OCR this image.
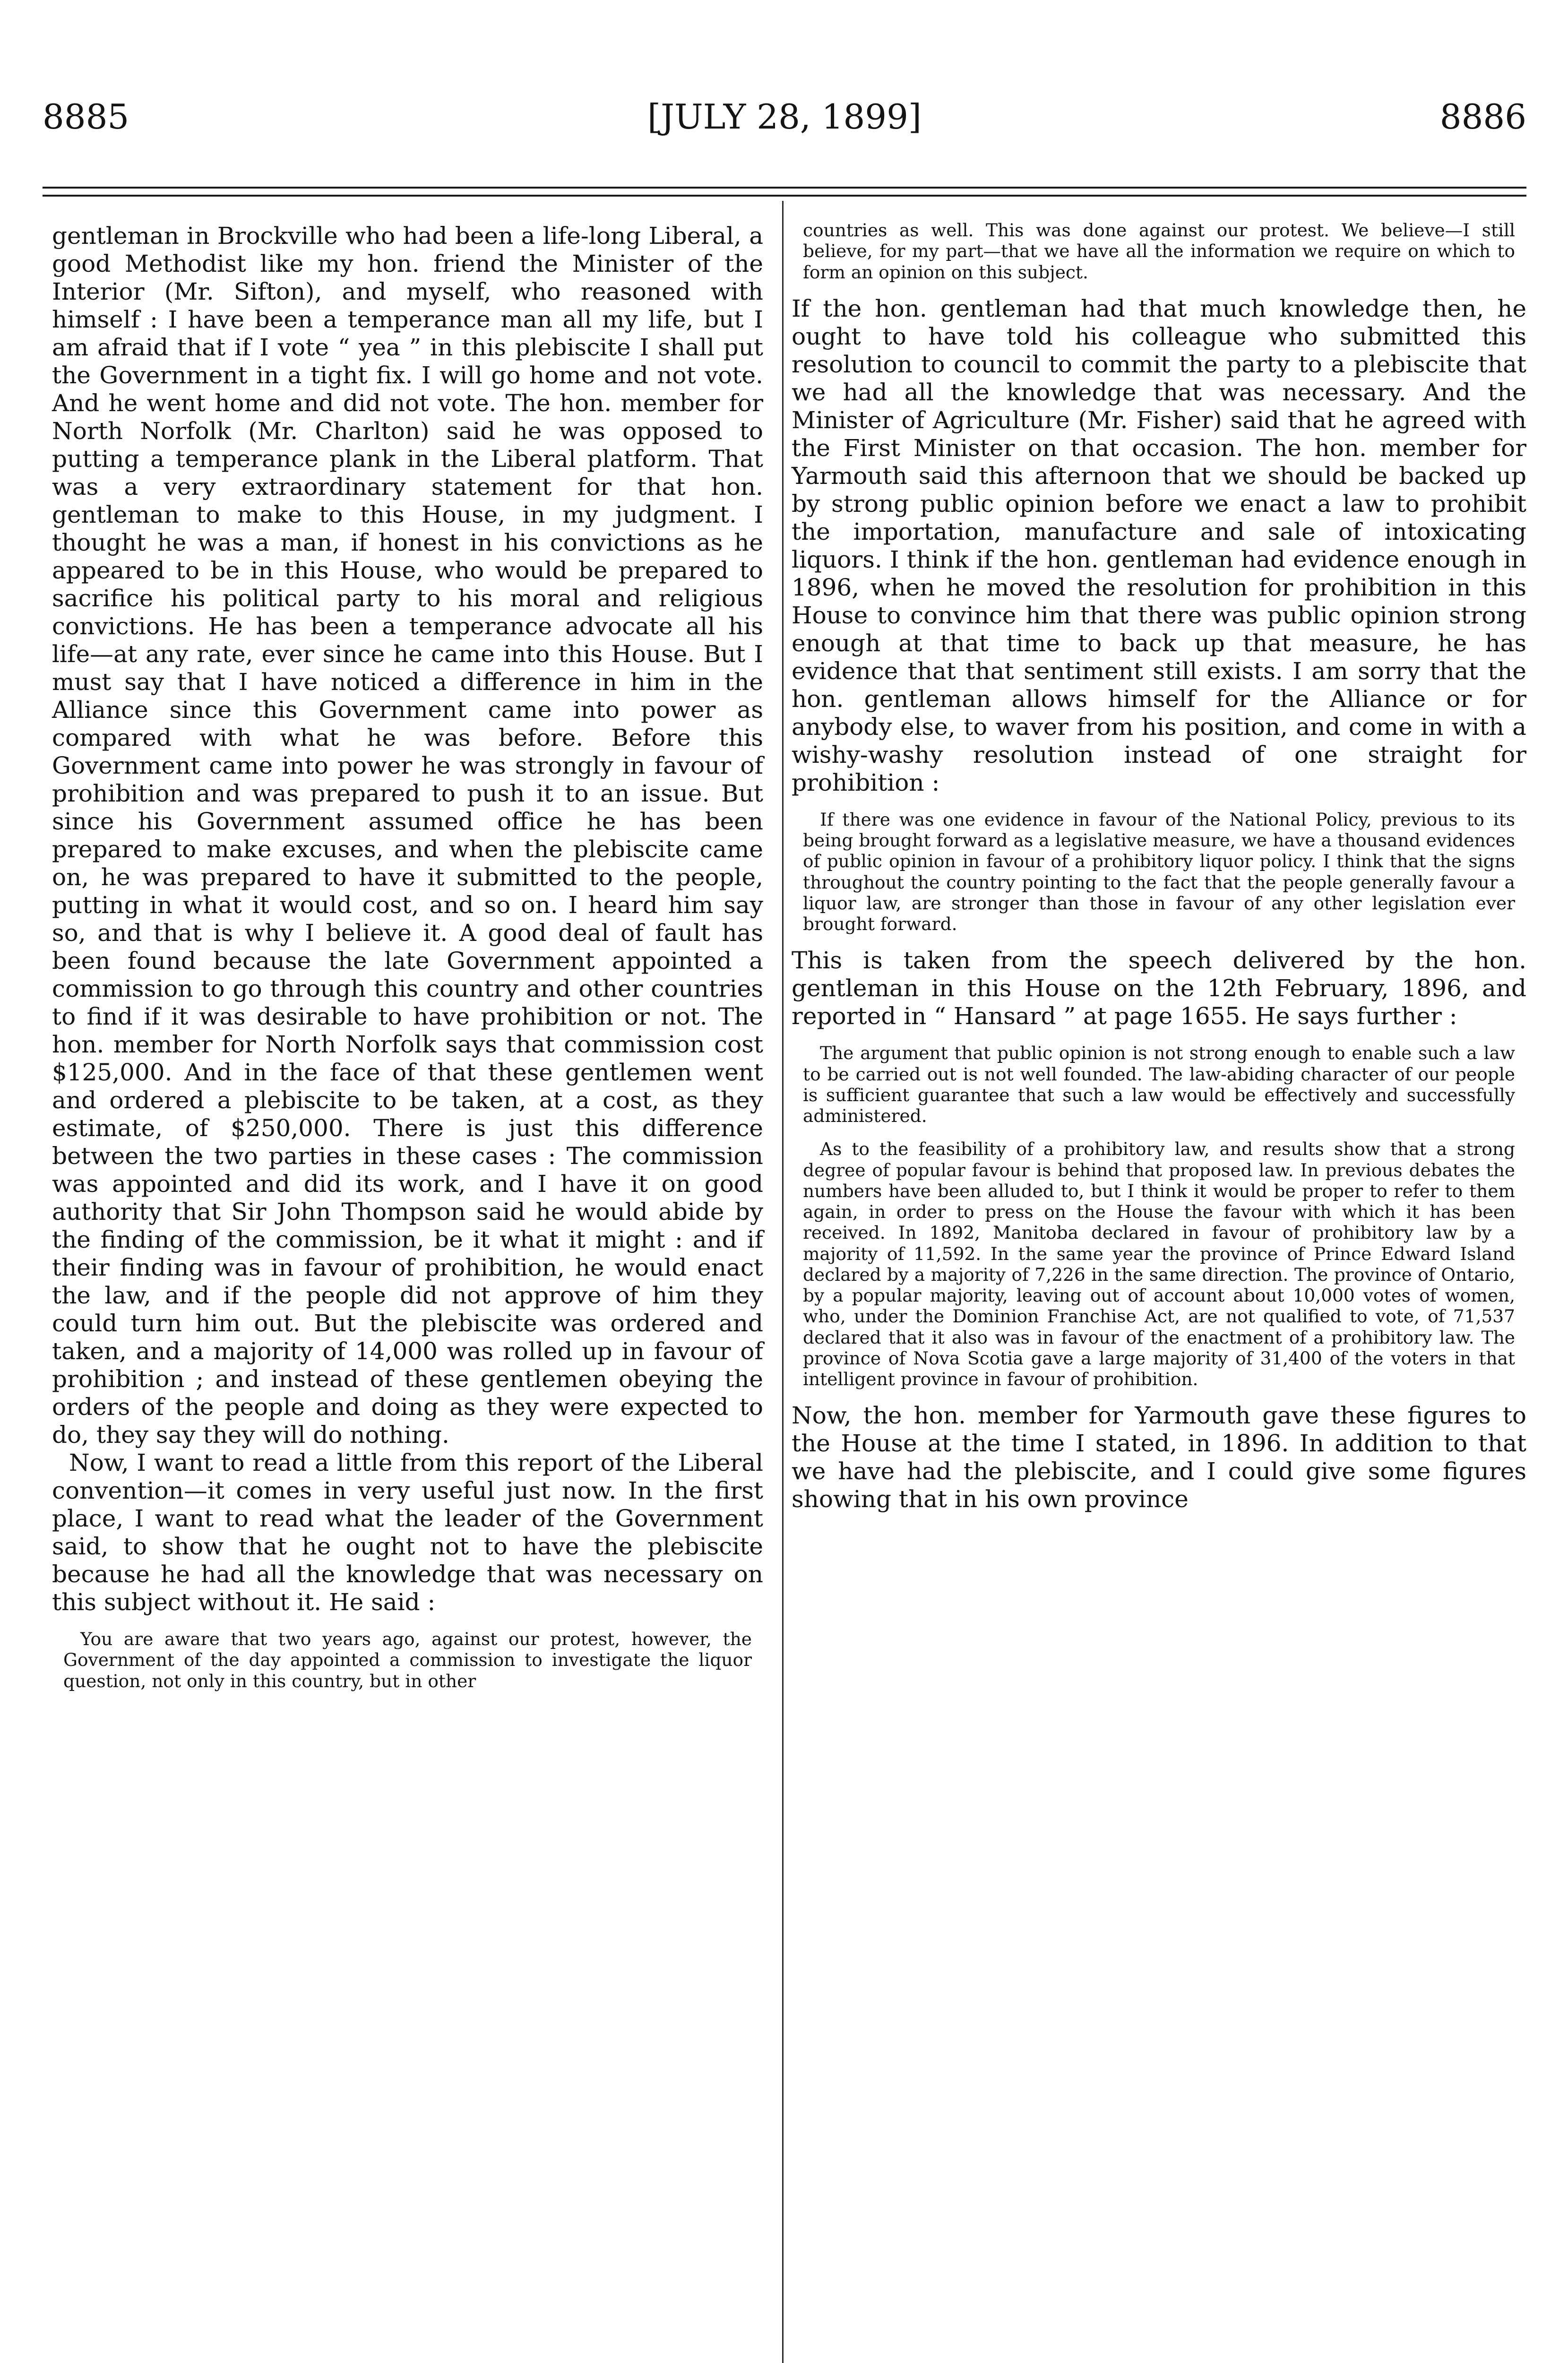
8885	[JULY 28, 1899]	8886

gentleman in Brockville who had been a life-long Liberal, a good Methodist like my hon. friend the Minister of the Interior (Mr. Sifton), and myself, who reasoned with himself : I have been a temperance man all my life, but I am afraid that if I vote “ yea ” in this plebiscite I shall put the Government in a tight fix. I will go home and not vote. And he went home and did not vote. The hon. member for North Norfolk (Mr. Charlton) said he was opposed to putting a temperance plank in the Liberal platform. That was a very extraordinary statement for that hon. gentleman to make to this House, in my judgment. I thought he was a man, if honest in his convictions as he appeared to be in this House, who would be prepared to sacrifice his political party to his moral and religious convictions. He has been a temperance advocate all his life—at any rate, ever since he came into this House. But I must say that I have noticed a difference in him in the Alliance since this Government came into power as compared with what he was before. Before this Government came into power he was strongly in favour of prohibition and was prepared to push it to an issue. But since his Government assumed office he has been prepared to make excuses, and when the plebiscite came on, he was prepared to have it submitted to the people, putting in what it would cost, and so on. I heard him say so, and that is why I believe it. A good deal of fault has been found because the late Government appointed a commission to go through this country and other countries to find if it was desirable to have prohibition or not. The hon. member for North Norfolk says that commission cost $125,000. And in the face of that these gentlemen went and ordered a plebiscite to be taken, at a cost, as they estimate, of $250,000. There is just this difference between the two parties in these cases : The commission was appointed and did its work, and I have it on good authority that Sir John Thompson said he would abide by the finding of the commission, be it what it might : and if their finding was in favour of prohibition, he would enact the law, and if the people did not approve of him they could turn him out. But the plebiscite was ordered and taken, and a majority of 14,000 was rolled up in favour of prohibition ; and instead of these gentlemen obeying the orders of the people and doing as they were expected to do, they say they will do nothing.

Now, I want to read a little from this report of the Liberal convention—it comes in very useful just now. In the first place, I want to read what the leader of the Government said, to show that he ought not to have the plebiscite because he had all the knowledge that was necessary on this subject without it. He said :

You are aware that two years ago, against our protest, however, the Government of the day appointed a commission to investigate the liquor question, not only in this country, but in other

countries as well. This was done against our protest. We believe—I still believe, for my part—that we have all the information we require on which to form an opinion on this subject.

If the hon. gentleman had that much knowledge then, he ought to have told his colleague who submitted this resolution to council to commit the party to a plebiscite that we had all the knowledge that was necessary. And the Minister of Agriculture (Mr. Fisher) said that he agreed with the First Minister on that occasion. The hon. member for Yarmouth said this afternoon that we should be backed up by strong public opinion before we enact a law to prohibit the importation, manufacture and sale of intoxicating liquors. I think if the hon. gentleman had evidence enough in 1896, when he moved the resolution for prohibition in this House to convince him that there was public opinion strong enough at that time to back up that measure, he has evidence that that sentiment still exists. I am sorry that the hon. gentleman allows himself for the Alliance or for anybody else, to waver from his position, and come in with a wishy-washy resolution instead of one straight for prohibition :

If there was one evidence in favour of the National Policy, previous to its being brought forward as a legislative measure, we have a thousand evidences of public opinion in favour of a prohibitory liquor policy. I think that the signs throughout the country pointing to the fact that the people generally favour a liquor law, are stronger than those in favour of any other legislation ever brought forward.

This is taken from the speech delivered by the hon. gentleman in this House on the 12th February, 1896, and reported in “ Hansard ” at page 1655. He says further :

The argument that public opinion is not strong enough to enable such a law to be carried out is not well founded. The law-abiding character of our people is sufficient guarantee that such a law would be effectively and successfully administered.

As to the feasibility of a prohibitory law, and results show that a strong degree of popular favour is behind that proposed law. In previous debates the numbers have been alluded to, but I think it would be proper to refer to them again, in order to press on the House the favour with which it has been received. In 1892, Manitoba declared in favour of prohibitory law by a majority of 11,592. In the same year the province of Prince Edward Island declared by a majority of 7,226 in the same direction. The province of Ontario, by a popular majority, leaving out of account about 10,000 votes of women, who, under the Dominion Franchise Act, are not qualified to vote, of 71,537 declared that it also was in favour of the enactment of a prohibitory law. The province of Nova Scotia gave a large majority of 31,400 of the voters in that intelligent province in favour of prohibition.

Now, the hon. member for Yarmouth gave these figures to the House at the time I stated, in 1896. In addition to that we have had the plebiscite, and I could give some figures showing that in his own province
